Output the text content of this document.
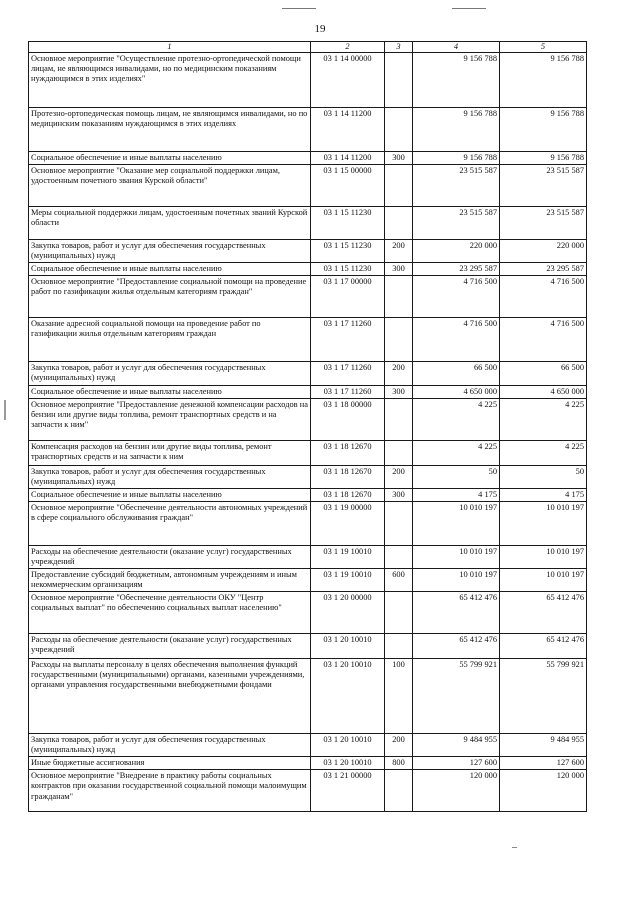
19
1	2	3	4	5
Основное мероприятие "Осуществление протезно-ортопедической помощи лицам, не являющимся инвалидами, но по медицинским показаниям нуждающимся в этих изделиях"	03 1 14 00000		9 156 788	9 156 788
Протезно-ортопедическая помощь лицам, не являющимся инвалидами, но по медицинским показаниям нуждающимся в этих изделиях	03 1 14 11200		9 156 788	9 156 788
Социальное обеспечение и иные выплаты населению	03 1 14 11200	300	9 156 788	9 156 788
Основное мероприятие "Оказание мер социальной поддержки лицам, удостоенным почетного звания Курской области"	03 1 15 00000		23 515 587	23 515 587
Меры социальной поддержки лицам, удостоенным почетных званий Курской области	03 1 15 11230		23 515 587	23 515 587
Закупка товаров, работ и услуг для обеспечения государственных (муниципальных) нужд	03 1 15 11230	200	220 000	220 000
Социальное обеспечение и иные выплаты населению	03 1 15 11230	300	23 295 587	23 295 587
Основное мероприятие "Предоставление социальной помощи на проведение работ по газификации жилья отдельным категориям граждан"	03 1 17 00000		4 716 500	4 716 500
Оказание адресной социальной помощи на проведение работ по газификации жилья отдельным категориям граждан	03 1 17 11260		4 716 500	4 716 500
Закупка товаров, работ и услуг для обеспечения государственных (муниципальных) нужд	03 1 17 11260	200	66 500	66 500
Социальное обеспечение и иные выплаты населению	03 1 17 11260	300	4 650 000	4 650 000
Основное мероприятие "Предоставление денежной компенсации расходов на бензин или другие виды топлива, ремонт транспортных средств и на запчасти к ним"	03 1 18 00000		4 225	4 225
Компенсация расходов на бензин или другие виды топлива, ремонт транспортных средств и на запчасти к ним	03 1 18 12670		4 225	4 225
Закупка товаров, работ и услуг для обеспечения государственных (муниципальных) нужд	03 1 18 12670	200	50	50
Социальное обеспечение и иные выплаты населению	03 1 18 12670	300	4 175	4 175
Основное мероприятие "Обеспечение деятельности автономных учреждений в сфере социального обслуживания граждан"	03 1 19 00000		10 010 197	10 010 197
Расходы на обеспечение деятельности (оказание услуг) государственных учреждений	03 1 19 10010		10 010 197	10 010 197
Предоставление субсидий бюджетным, автономным учреждениям и иным некоммерческим организациям	03 1 19 10010	600	10 010 197	10 010 197
Основное мероприятие "Обеспечение деятельности ОКУ "Центр социальных выплат" по обеспечению социальных выплат населению"	03 1 20 00000		65 412 476	65 412 476
Расходы на обеспечение деятельности (оказание услуг) государственных учреждений	03 1 20 10010		65 412 476	65 412 476
Расходы на выплаты персоналу в целях обеспечения выполнения функций государственными (муниципальными) органами, казенными учреждениями, органами управления государственными внебюджетными фондами	03 1 20 10010	100	55 799 921	55 799 921
Закупка товаров, работ и услуг для обеспечения государственных (муниципальных) нужд	03 1 20 10010	200	9 484 955	9 484 955
Иные бюджетные ассигнования	03 1 20 10010	800	127 600	127 600
Основное мероприятие "Внедрение в практику работы социальных контрактов при оказании государственной социальной помощи малоимущим гражданам"	03 1 21 00000		120 000	120 000
